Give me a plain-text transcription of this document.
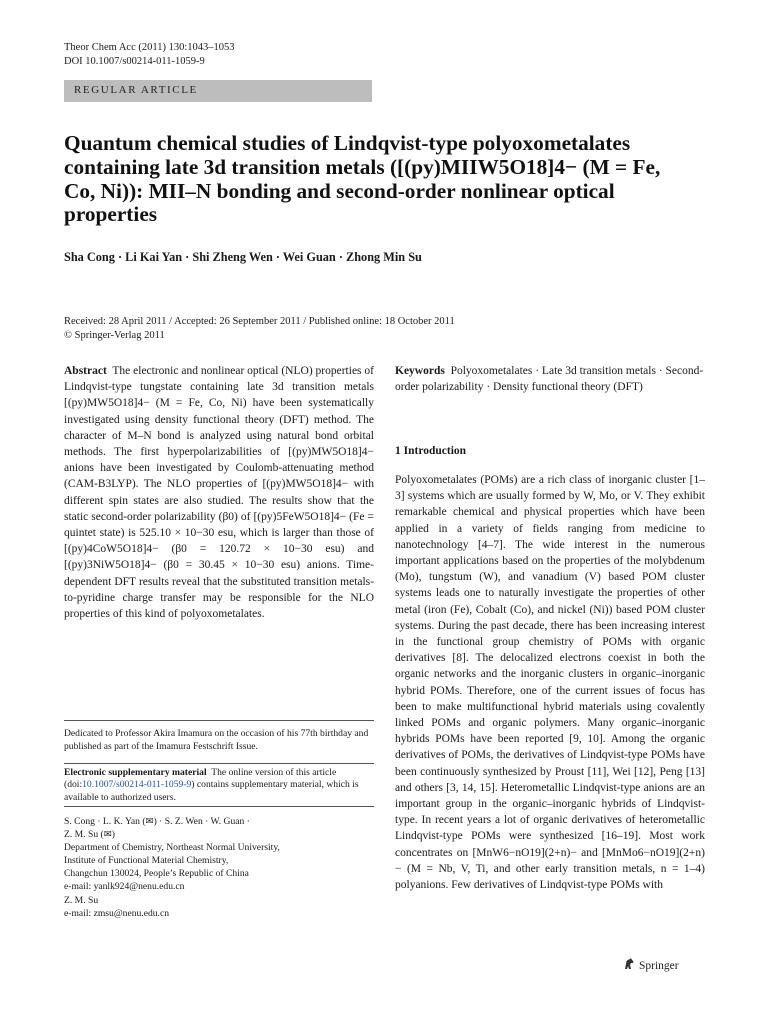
Theor Chem Acc (2011) 130:1043–1053
DOI 10.1007/s00214-011-1059-9
REGULAR ARTICLE
Quantum chemical studies of Lindqvist-type polyoxometalates containing late 3d transition metals ([(py)MIIW5O18]4− (M = Fe, Co, Ni)): MII–N bonding and second-order nonlinear optical properties
Sha Cong · Li Kai Yan · Shi Zheng Wen · Wei Guan · Zhong Min Su
Received: 28 April 2011 / Accepted: 26 September 2011 / Published online: 18 October 2011
© Springer-Verlag 2011
Abstract The electronic and nonlinear optical (NLO) properties of Lindqvist-type tungstate containing late 3d transition metals [(py)MW5O18]4− (M = Fe, Co, Ni) have been systematically investigated using density functional theory (DFT) method. The character of M–N bond is analyzed using natural bond orbital methods. The first hyperpolarizabilities of [(py)MW5O18]4− anions have been investigated by Coulomb-attenuating method (CAM-B3LYP). The NLO properties of [(py)MW5O18]4− with different spin states are also studied. The results show that the static second-order polarizability (β0) of [(py)5FeW5O18]4− (Fe = quintet state) is 525.10 × 10−30 esu, which is larger than those of [(py)4CoW5O18]4− (β0 = 120.72 × 10−30 esu) and [(py)3NiW5O18]4− (β0 = 30.45 × 10−30 esu) anions. Time-dependent DFT results reveal that the substituted transition metals-to-pyridine charge transfer may be responsible for the NLO properties of this kind of polyoxometalates.
Dedicated to Professor Akira Imamura on the occasion of his 77th birthday and published as part of the Imamura Festschrift Issue.
Electronic supplementary material The online version of this article (doi:10.1007/s00214-011-1059-9) contains supplementary material, which is available to authorized users.
S. Cong · L. K. Yan (✉) · S. Z. Wen · W. Guan ·
Z. M. Su (✉)
Department of Chemistry, Northeast Normal University,
Institute of Functional Material Chemistry,
Changchun 130024, People’s Republic of China
e-mail: yanlk924@nenu.edu.cn
Z. M. Su
e-mail: zmsu@nenu.edu.cn
Keywords Polyoxometalates · Late 3d transition metals · Second-order polarizability · Density functional theory (DFT)
1 Introduction

Polyoxometalates (POMs) are a rich class of inorganic cluster [1–3] systems which are usually formed by W, Mo, or V. They exhibit remarkable chemical and physical properties which have been applied in a variety of fields ranging from medicine to nanotechnology [4–7]. The wide interest in the numerous important applications based on the properties of the molybdenum (Mo), tungstum (W), and vanadium (V) based POM cluster systems leads one to naturally investigate the properties of other metal (iron (Fe), Cobalt (Co), and nickel (Ni)) based POM cluster systems. During the past decade, there has been increasing interest in the functional group chemistry of POMs with organic derivatives [8]. The delocalized electrons coexist in both the organic networks and the inorganic clusters in organic–inorganic hybrid POMs. Therefore, one of the current issues of focus has been to make multifunctional hybrid materials using covalently linked POMs and organic polymers. Many organic–inorganic hybrids POMs have been reported [9, 10]. Among the organic derivatives of POMs, the derivatives of Lindqvist-type POMs have been continuously synthesized by Proust [11], Wei [12], Peng [13] and others [3, 14, 15]. Heterometallic Lindqvist-type anions are an important group in the organic–inorganic hybrids of Lindqvist-type. In recent years a lot of organic derivatives of heterometallic Lindqvist-type POMs were synthesized [16–19]. Most work concentrates on [MnW6−nO19](2+n)− and [MnMo6−nO19](2+n)− (M = Nb, V, Ti, and other early transition metals, n = 1–4) polyanions. Few derivatives of Lindqvist-type POMs with

Springer
